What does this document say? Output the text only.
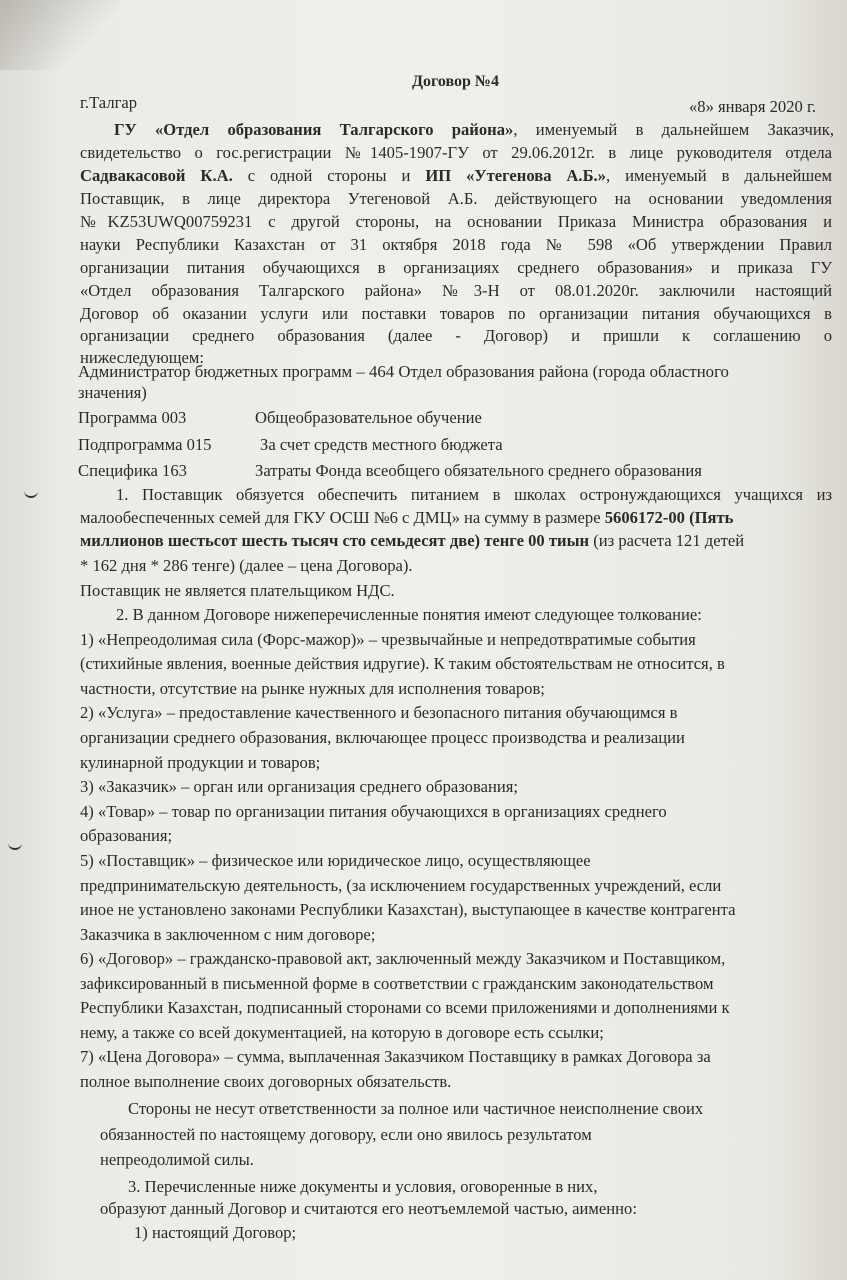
Договор №4
г.Талгар	«8» января 2020 г.
ГУ «Отдел образования Талгарского района», именуемый в дальнейшем Заказчик,
свидетельство о гос.регистрации №1405-1907-ГУ от 29.06.2012г. в лице руководителя отдела
Садвакасовой К.А. с одной стороны и ИП «Утегенова А.Б.», именуемый в дальнейшем
Поставщик, в лице директора Утегеновой А.Б. действующего на основании уведомления
№KZ53UWQ00759231 с другой стороны, на основании Приказа Министра образования и
науки Республики Казахстан от 31 октября 2018 года № 598 «Об утверждении Правил
организации питания обучающихся в организациях среднего образования» и приказа ГУ
«Отдел образования Талгарского района» №3-Н от 08.01.2020г. заключили настоящий
Договор об оказании услуги или поставки товаров по организации питания обучающихся в
организации среднего образования (далее - Договор) и пришли к соглашению о
нижеследующем:
Администратор бюджетных программ – 464 Отдел образования района (города областного
значения)
Программа 003	Общеобразовательное обучение
Подпрограмма 015	За счет средств местного бюджета
Специфика 163	Затраты Фонда всеобщего обязательного среднего образования
1. Поставщик обязуется обеспечить питанием в школах остронуждающихся учащихся из
малообеспеченных семей для ГКУ ОСШ №6 с ДМЦ» на сумму в размере 5606172-00 (Пять
миллионов шестьсот шесть тысяч сто семьдесят две) тенге 00 тиын (из расчета 121 детей
* 162 дня * 286 тенге) (далее – цена Договора).
Поставщик не является плательщиком НДС.
2. В данном Договоре нижеперечисленные понятия имеют следующее толкование:
1) «Непреодолимая сила (Форс-мажор)» – чрезвычайные и непредотвратимые события
(стихийные явления, военные действия идругие). К таким обстоятельствам не относится, в
частности, отсутствие на рынке нужных для исполнения товаров;
2) «Услуга» – предоставление качественного и безопасного питания обучающимся в
организации среднего образования, включающее процесс производства и реализации
кулинарной продукции и товаров;
3) «Заказчик» – орган или организация среднего образования;
4) «Товар» – товар по организации питания обучающихся в организациях среднего
образования;
5) «Поставщик» – физическое или юридическое лицо, осуществляющее
предпринимательскую деятельность, (за исключением государственных учреждений, если
иное не установлено законами Республики Казахстан), выступающее в качестве контрагента
Заказчика в заключенном с ним договоре;
6) «Договор» – гражданско-правовой акт, заключенный между Заказчиком и Поставщиком,
зафиксированный в письменной форме в соответствии с гражданским законодательством
Республики Казахстан, подписанный сторонами со всеми приложениями и дополнениями к
нему, а также со всей документацией, на которую в договоре есть ссылки;
7) «Цена Договора» – сумма, выплаченная Заказчиком Поставщику в рамках Договора за
полное выполнение своих договорных обязательств.
Стороны не несут ответственности за полное или частичное неисполнение своих
обязанностей по настоящему договору, если оно явилось результатом
непреодолимой силы.
3. Перечисленные ниже документы и условия, оговоренные в них,
образуют данный Договор и считаются его неотъемлемой частью, аименно:
1) настоящий Договор;
